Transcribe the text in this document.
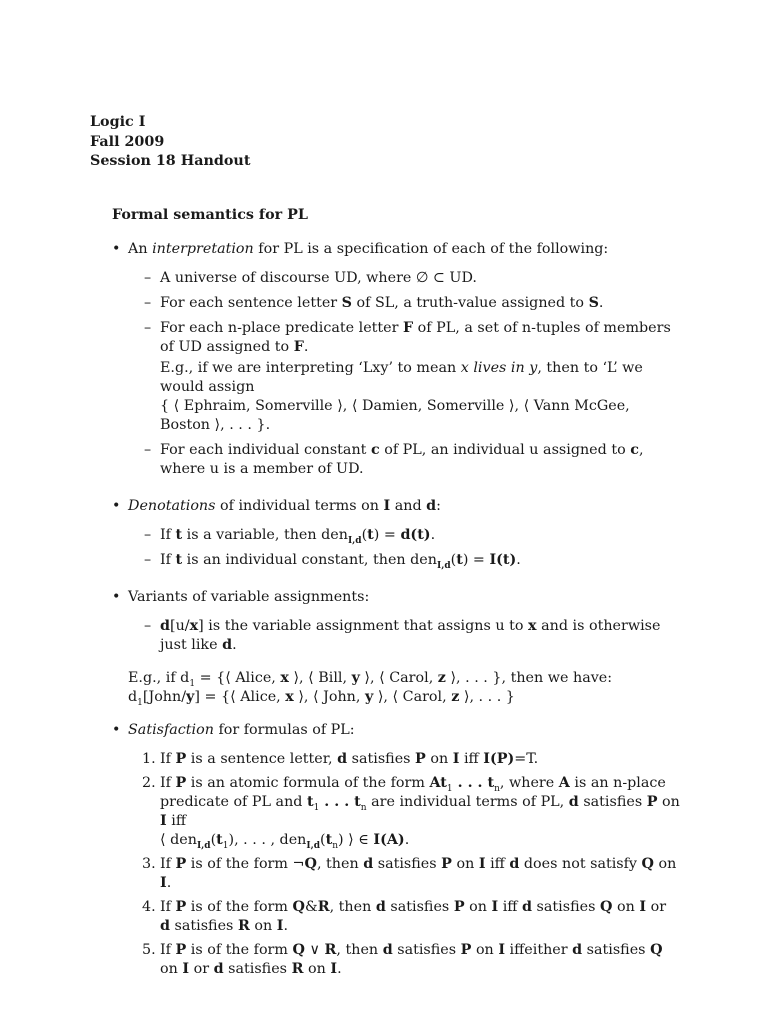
Logic I
Fall 2009
Session 18 Handout
Formal semantics for PL
• An interpretation for PL is a specification of each of the following:
– A universe of discourse UD, where ∅ ⊂ UD.
– For each sentence letter S of SL, a truth-value assigned to S.
– For each n-place predicate letter F of PL, a set of n-tuples of members of UD assigned to F.
E.g., if we are interpreting ‘Lxy’ to mean x lives in y, then to ‘L’ we would assign
{ ⟨ Ephraim, Somerville ⟩, ⟨ Damien, Somerville ⟩, ⟨ Vann McGee, Boston ⟩, . . . }.
– For each individual constant c of PL, an individual u assigned to c, where u is a member of UD.
• Denotations of individual terms on I and d:
– If t is a variable, then den$_{I,d}$(t) = d(t).
– If t is an individual constant, then den$_{I,d}$(t) = I(t).
• Variants of variable assignments:
– d[u/x] is the variable assignment that assigns u to x and is otherwise just like d.
E.g., if $d_1$ = {⟨ Alice, x ⟩, ⟨ Bill, y ⟩, ⟨ Carol, z ⟩, . . . }, then we have:
$d_1[John/y]$ = {⟨ Alice, x ⟩, ⟨ John, y ⟩, ⟨ Carol, z ⟩, . . . }
• Satisfaction for formulas of PL:
1. If P is a sentence letter, d satisfies P on I iff I(P)=T.
2. If P is an atomic formula of the form $At_1$ . . . $t_n$, where A is an n-place predicate of PL and $t_1$ . . . $t_n$ are individual terms of PL, d satisfies P on I iff
⟨ $den_{I,d}(t_1)$, . . . , $den_{I,d}(t_n)$ ⟩ ∈ I(A).
3. If P is of the form ¬Q, then d satisfies P on I iff d does not satisfy Q on I.
4. If P is of the form Q&R, then d satisfies P on I iff d satisfies Q on I or d satisfies R on I.
5. If P is of the form Q ∨ R, then d satisfies P on I iffeither d satisfies Q on I or d satisfies R on I.
